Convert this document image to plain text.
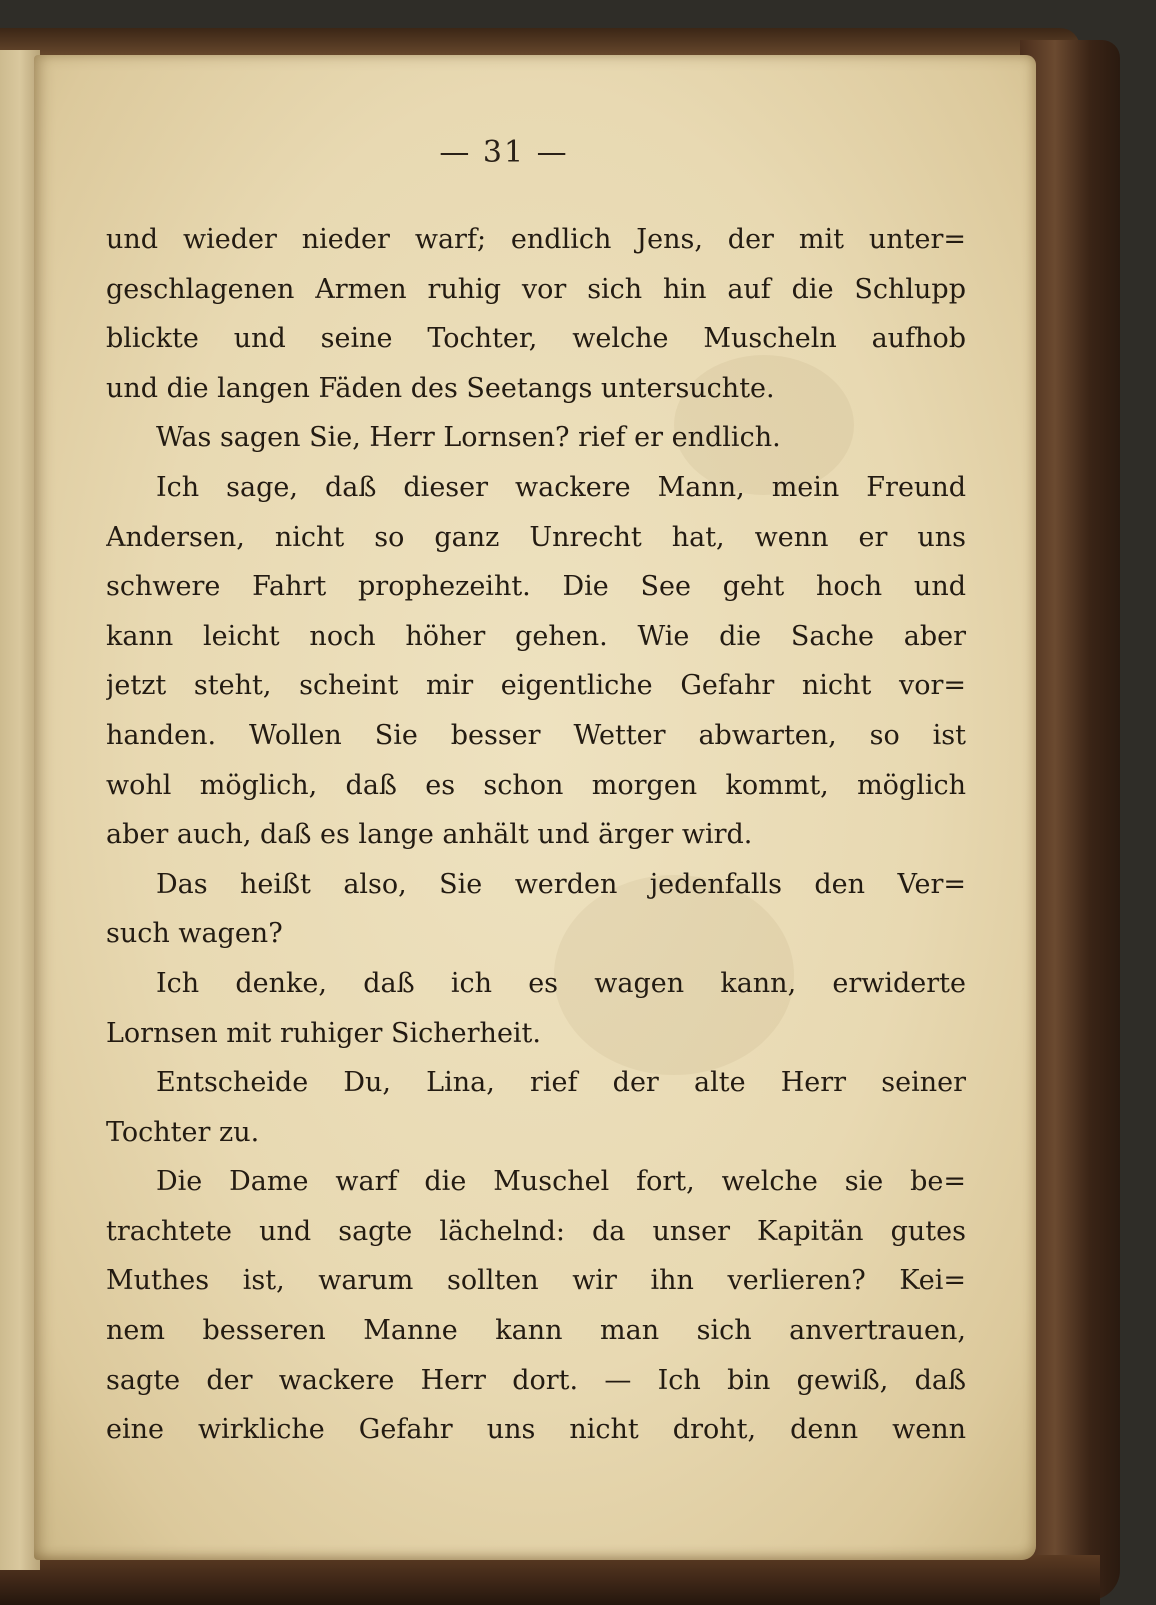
— 31 —
und wieder nieder warf; endlich Jens, der mit unter=
geschlagenen Armen ruhig vor sich hin auf die Schlupp
blickte und seine Tochter, welche Muscheln aufhob
und die langen Fäden des Seetangs untersuchte.
Was sagen Sie, Herr Lornsen? rief er endlich.
Ich sage, daß dieser wackere Mann, mein Freund
Andersen, nicht so ganz Unrecht hat, wenn er uns
schwere Fahrt prophezeiht. Die See geht hoch und
kann leicht noch höher gehen. Wie die Sache aber
jetzt steht, scheint mir eigentliche Gefahr nicht vor=
handen. Wollen Sie besser Wetter abwarten, so ist
wohl möglich, daß es schon morgen kommt, möglich
aber auch, daß es lange anhält und ärger wird.
Das heißt also, Sie werden jedenfalls den Ver=
such wagen?
Ich denke, daß ich es wagen kann, erwiderte
Lornsen mit ruhiger Sicherheit.
Entscheide Du, Lina, rief der alte Herr seiner
Tochter zu.
Die Dame warf die Muschel fort, welche sie be=
trachtete und sagte lächelnd: da unser Kapitän gutes
Muthes ist, warum sollten wir ihn verlieren? Kei=
nem besseren Manne kann man sich anvertrauen,
sagte der wackere Herr dort. — Ich bin gewiß, daß
eine wirkliche Gefahr uns nicht droht, denn wenn
